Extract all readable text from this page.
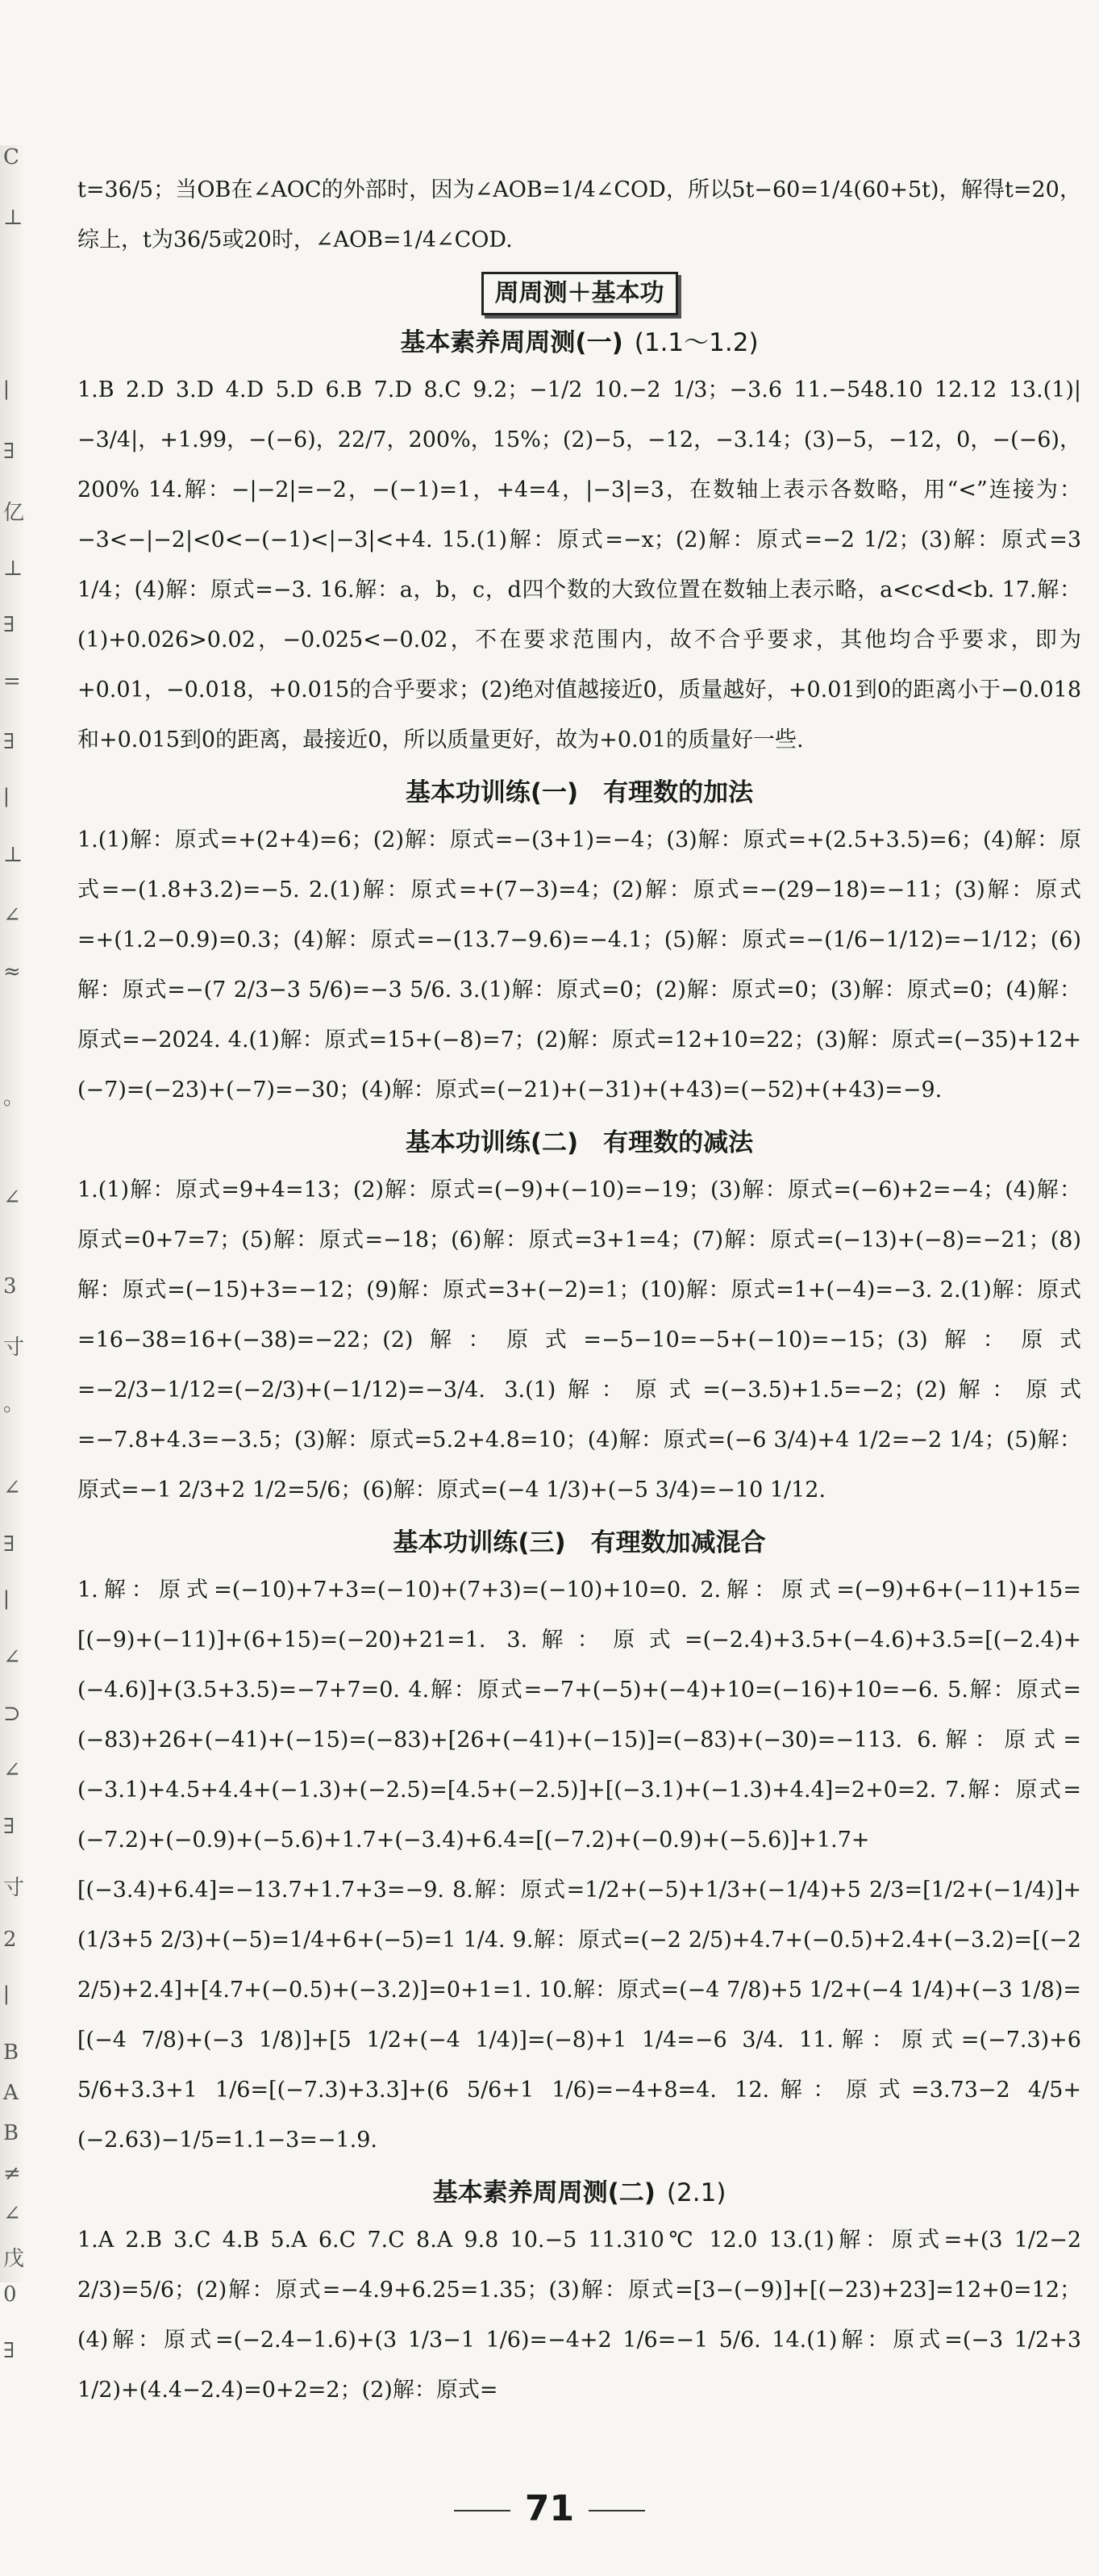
C
⊥
∣
∃
亿
⊥
∃
=
∃
∣
⊥
∠
≈
。
∠
3
寸
。
∠
∃
∣
∠
⊃
∠
∃
寸
2
∣
B
A
B
≠
∠
戊
0
∃

t=36/5；当OB在∠AOC的外部时，因为∠AOB=1/4∠COD，所以5t−60=1/4(60+5t)，解得t=20，综上，t为36/5或20时，∠AOB=1/4∠COD.

周周测＋基本功
基本素养周周测(一) (1.1～1.2)

1.B 2.D 3.D 4.D 5.D 6.B 7.D 8.C 9.2；−1/2 10.−2 1/3；−3.6 11.−548.10 12.12 13.(1)|−3/4|，+1.99，−(−6)，22/7，200%，15%；(2)−5，−12，−3.14；(3)−5，−12，0，−(−6)，200% 14.解：−|−2|=−2，−(−1)=1，+4=4，|−3|=3，在数轴上表示各数略，用“<”连接为：−3<−|−2|<0<−(−1)<|−3|<+4. 15.(1)解：原式=−x；(2)解：原式=−2 1/2；(3)解：原式=3 1/4；(4)解：原式=−3. 16.解：a，b，c，d四个数的大致位置在数轴上表示略，a<c<d<b. 17.解：(1)+0.026>0.02，−0.025<−0.02，不在要求范围内，故不合乎要求，其他均合乎要求，即为+0.01，−0.018，+0.015的合乎要求；(2)绝对值越接近0，质量越好，+0.01到0的距离小于−0.018和+0.015到0的距离，最接近0，所以质量更好，故为+0.01的质量好一些.

基本功训练(一)　有理数的加法

1.(1)解：原式=+(2+4)=6；(2)解：原式=−(3+1)=−4；(3)解：原式=+(2.5+3.5)=6；(4)解：原式=−(1.8+3.2)=−5. 2.(1)解：原式=+(7−3)=4；(2)解：原式=−(29−18)=−11；(3)解：原式=+(1.2−0.9)=0.3；(4)解：原式=−(13.7−9.6)=−4.1；(5)解：原式=−(1/6−1/12)=−1/12；(6)解：原式=−(7 2/3−3 5/6)=−3 5/6. 3.(1)解：原式=0；(2)解：原式=0；(3)解：原式=0；(4)解：原式=−2024. 4.(1)解：原式=15+(−8)=7；(2)解：原式=12+10=22；(3)解：原式=(−35)+12+(−7)=(−23)+(−7)=−30；(4)解：原式=(−21)+(−31)+(+43)=(−52)+(+43)=−9.

基本功训练(二)　有理数的减法

1.(1)解：原式=9+4=13；(2)解：原式=(−9)+(−10)=−19；(3)解：原式=(−6)+2=−4；(4)解：原式=0+7=7；(5)解：原式=−18；(6)解：原式=3+1=4；(7)解：原式=(−13)+(−8)=−21；(8)解：原式=(−15)+3=−12；(9)解：原式=3+(−2)=1；(10)解：原式=1+(−4)=−3. 2.(1)解：原式=16−38=16+(−38)=−22；(2)解：原式=−5−10=−5+(−10)=−15；(3)解：原式=−2/3−1/12=(−2/3)+(−1/12)=−3/4. 3.(1)解：原式=(−3.5)+1.5=−2；(2)解：原式=−7.8+4.3=−3.5；(3)解：原式=5.2+4.8=10；(4)解：原式=(−6 3/4)+4 1/2=−2 1/4；(5)解：原式=−1 2/3+2 1/2=5/6；(6)解：原式=(−4 1/3)+(−5 3/4)=−10 1/12.

基本功训练(三)　有理数加减混合

1.解：原式=(−10)+7+3=(−10)+(7+3)=(−10)+10=0. 2.解：原式=(−9)+6+(−11)+15=[(−9)+(−11)]+(6+15)=(−20)+21=1. 3.解：原式=(−2.4)+3.5+(−4.6)+3.5=[(−2.4)+(−4.6)]+(3.5+3.5)=−7+7=0. 4.解：原式=−7+(−5)+(−4)+10=(−16)+10=−6. 5.解：原式=(−83)+26+(−41)+(−15)=(−83)+[26+(−41)+(−15)]=(−83)+(−30)=−113. 6.解：原式=(−3.1)+4.5+4.4+(−1.3)+(−2.5)=[4.5+(−2.5)]+[(−3.1)+(−1.3)+4.4]=2+0=2. 7.解：原式=(−7.2)+(−0.9)+(−5.6)+1.7+(−3.4)+6.4=[(−7.2)+(−0.9)+(−5.6)]+1.7+[(−3.4)+6.4]=−13.7+1.7+3=−9. 8.解：原式=1/2+(−5)+1/3+(−1/4)+5 2/3=[1/2+(−1/4)]+(1/3+5 2/3)+(−5)=1/4+6+(−5)=1 1/4. 9.解：原式=(−2 2/5)+4.7+(−0.5)+2.4+(−3.2)=[(−2 2/5)+2.4]+[4.7+(−0.5)+(−3.2)]=0+1=1. 10.解：原式=(−4 7/8)+5 1/2+(−4 1/4)+(−3 1/8)=[(−4 7/8)+(−3 1/8)]+[5 1/2+(−4 1/4)]=(−8)+1 1/4=−6 3/4. 11.解：原式=(−7.3)+6 5/6+3.3+1 1/6=[(−7.3)+3.3]+(6 5/6+1 1/6)=−4+8=4. 12.解：原式=3.73−2 4/5+(−2.63)−1/5=1.1−3=−1.9.

基本素养周周测(二) (2.1)

1.A 2.B 3.C 4.B 5.A 6.C 7.C 8.A 9.8 10.−5 11.310℃ 12.0 13.(1)解：原式=+(3 1/2−2 2/3)=5/6；(2)解：原式=−4.9+6.25=1.35；(3)解：原式=[3−(−9)]+[(−23)+23]=12+0=12；(4)解：原式=(−2.4−1.6)+(3 1/3−1 1/6)=−4+2 1/6=−1 5/6. 14.(1)解：原式=(−3 1/2+3 1/2)+(4.4−2.4)=0+2=2；(2)解：原式=

71
